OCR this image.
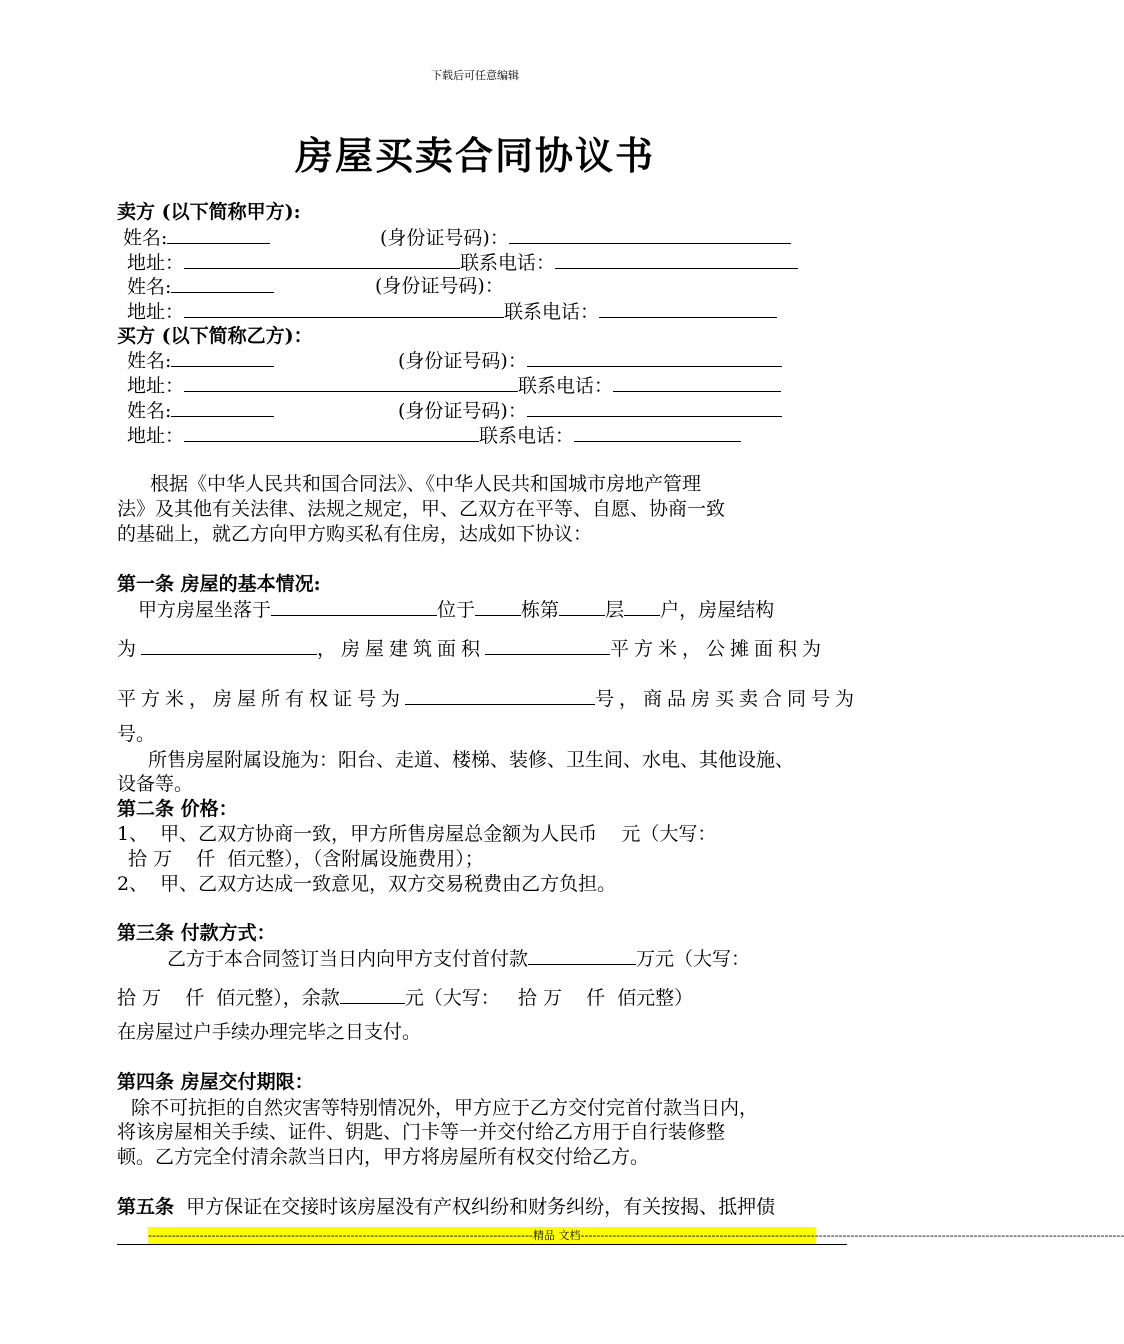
下载后可任意编辑
房屋买卖合同协议书
卖方 (以下简称甲方):
姓名:	(身份证号码)：
地址：	联系电话：
姓名:	(身份证号码)：
地址：	联系电话：
买方 (以下简称乙方)：
姓名:	(身份证号码)：
地址：	联系电话：
姓名:	(身份证号码)：
地址：	联系电话：
根据《中华人民共和国合同法》、《中华人民共和国城市房地产管理
法》及其他有关法律、法规之规定，甲、乙双方在平等、自愿、协商一致
的基础上，就乙方向甲方购买私有住房，达成如下协议：
第一条 房屋的基本情况:
甲方房屋坐落于	位于 栋第 层 户，房屋结构
为	，房屋建筑面积	平方米，公摊面积为
平方米，房屋所有权证号为	号，商品房买卖合同号为
号。
所售房屋附属设施为：阳台、走道、楼梯、装修、卫生间、水电、其他设施、
设备等。
第二条 价格：
1、  甲、乙双方协商一致，甲方所售房屋总金额为人民币    元（大写：
拾 万    仟  佰元整），（含附属设施费用）；
2、  甲、乙双方达成一致意见，双方交易税费由乙方负担。
第三条 付款方式：
乙方于本合同签订当日内向甲方支付首付款	万元（大写：
拾 万    仟  佰元整），余款	元（大写：   拾 万    仟  佰元整）
在房屋过户手续办理完毕之日支付。
第四条 房屋交付期限：
除不可抗拒的自然灾害等特别情况外，甲方应于乙方交付完首付款当日内，
将该房屋相关手续、证件、钥匙、门卡等一并交付给乙方用于自行装修整
顿。乙方完全付清余款当日内，甲方将房屋所有权交付给乙方。
第五条 甲方保证在交接时该房屋没有产权纠纷和财务纠纷，有关按揭、抵押债
-------------------------------------------------------------------------------------------------精品 文档-----------------------------------------------------------------------------------------------------------------------------------------
